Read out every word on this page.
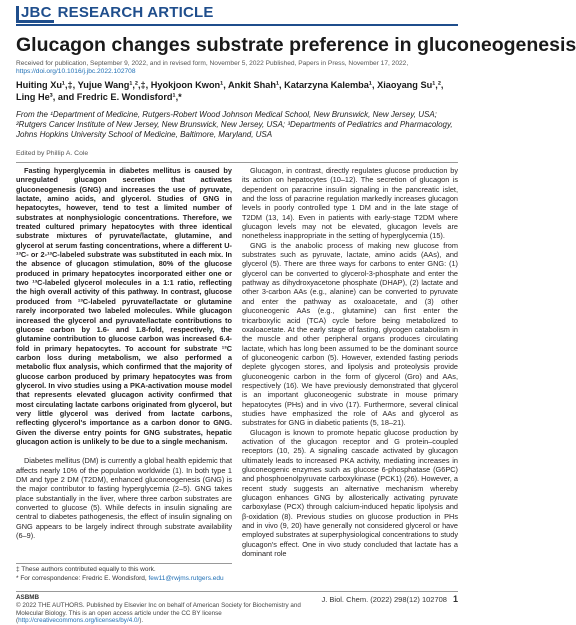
JBC RESEARCH ARTICLE
Glucagon changes substrate preference in gluconeogenesis
Received for publication, September 9, 2022, and in revised form, November 5, 2022 Published, Papers in Press, November 17, 2022,
https://doi.org/10.1016/j.jbc.2022.102708
Huiting Xu¹,‡, Yujue Wang¹,²,‡, Hyokjoon Kwon¹, Ankit Shah¹, Katarzyna Kalemba¹, Xiaoyang Su¹,², Ling He³, and Fredric E. Wondisford¹,*
From the ¹Department of Medicine, Rutgers-Robert Wood Johnson Medical School, New Brunswick, New Jersey, USA; ²Rutgers Cancer Institute of New Jersey, New Brunswick, New Jersey, USA; ³Departments of Pediatrics and Pharmacology, Johns Hopkins University School of Medicine, Baltimore, Maryland, USA
Edited by Phillip A. Cole

Fasting hyperglycemia in diabetes mellitus is caused by unregulated glucagon secretion that activates gluconeogenesis (GNG) and increases the use of pyruvate, lactate, amino acids, and glycerol. Studies of GNG in hepatocytes, however, tend to test a limited number of substrates at nonphysiologic concentrations. Therefore, we treated cultured primary hepatocytes with three identical substrate mixtures of pyruvate/lactate, glutamine, and glycerol at serum fasting concentrations, where a different U-¹³C- or 2-¹³C-labeled substrate was substituted in each mix. In the absence of glucagon stimulation, 80% of the glucose produced in primary hepatocytes incorporated either one or two ¹³C-labeled glycerol molecules in a 1:1 ratio, reflecting the high overall activity of this pathway. In contrast, glucose produced from ¹³C-labeled pyruvate/lactate or glutamine rarely incorporated two labeled molecules. While glucagon increased the glycerol and pyruvate/lactate contributions to glucose carbon by 1.6- and 1.8-fold, respectively, the glutamine contribution to glucose carbon was increased 6.4-fold in primary hepatocytes. To account for substrate ¹³C carbon loss during metabolism, we also performed a metabolic flux analysis, which confirmed that the majority of glucose carbon produced by primary hepatocytes was from glycerol. In vivo studies using a PKA-activation mouse model that represents elevated glucagon activity confirmed that most circulating lactate carbons originated from glycerol, but very little glycerol was derived from lactate carbons, reflecting glycerol's importance as a carbon donor to GNG. Given the diverse entry points for GNG substrates, hepatic glucagon action is unlikely to be due to a single mechanism.

Diabetes mellitus (DM) is currently a global health epidemic that affects nearly 10% of the population worldwide (1). In both type 1 DM and type 2 DM (T2DM), enhanced gluconeogenesis (GNG) is the major contributor to fasting hyperglycemia (2–5). GNG takes place substantially in the liver, where three carbon substrates are converted to glucose (5). While defects in insulin signaling are central to diabetes pathogenesis, the effect of insulin signaling on GNG appears to be largely indirect through substrate availability (6–9).

‡ These authors contributed equally to this work.
* For correspondence: Fredric E. Wondisford, few11@rwjms.rutgers.edu

Glucagon, in contrast, directly regulates glucose production by its action on hepatocytes (10–12). The secretion of glucagon is dependent on paracrine insulin signaling in the pancreatic islet, and the loss of paracrine regulation markedly increases glucagon levels in poorly controlled type 1 DM and in the late stage of T2DM (13, 14). Even in patients with early-stage T2DM where glucagon levels may not be elevated, glucagon levels are nonetheless inappropriate in the setting of hyperglycemia (15).

GNG is the anabolic process of making new glucose from substrates such as pyruvate, lactate, amino acids (AAs), and glycerol (5). There are three ways for carbons to enter GNG: (1) glycerol can be converted to glycerol-3-phosphate and enter the pathway as dihydroxyacetone phosphate (DHAP), (2) lactate and other 3-carbon AAs (e.g., alanine) can be converted to pyruvate and enter the pathway as oxaloacetate, and (3) other gluconeogenic AAs (e.g., glutamine) can first enter the tricarboxylic acid (TCA) cycle before being metabolized to oxaloacetate. At the early stage of fasting, glycogen catabolism in the muscle and other peripheral organs produces circulating lactate, which has long been assumed to be the dominant source of gluconeogenic carbon (5). However, extended fasting periods deplete glycogen stores, and lipolysis and proteolysis provide gluconeogenic carbon in the form of glycerol (Gro) and AAs, respectively (16). We have previously demonstrated that glycerol is an important gluconeogenic substrate in mouse primary hepatocytes (PHs) and in vivo (17). Furthermore, several clinical studies have emphasized the role of AAs and glycerol as substrates for GNG in diabetic patients (5, 18–21).

Glucagon is known to promote hepatic glucose production by activation of the glucagon receptor and G protein–coupled receptors (10, 25). A signaling cascade activated by glucagon ultimately leads to increased PKA activity, mediating increases in gluconeogenic enzymes such as glucose 6-phosphatase (G6PC) and phosphoenolpyruvate carboxykinase (PCK1) (26). However, a recent study suggests an alternative mechanism whereby glucagon enhances GNG by allosterically activating pyruvate carboxylase (PCX) through calcium-induced hepatic lipolysis and β-oxidation (8). Previous studies on glucose production in PHs and in vivo (9, 20) have generally not considered glycerol or have employed substrates at superphysiological concentrations to study glucagon's effect. One in vivo study concluded that lactate has a dominant role

ASBMB
© 2022 THE AUTHORS. Published by Elsevier Inc on behalf of American Society for Biochemistry and Molecular Biology. This is an open access article under the CC BY license (http://creativecommons.org/licenses/by/4.0/).
J. Biol. Chem. (2022) 298(12) 102708 1
